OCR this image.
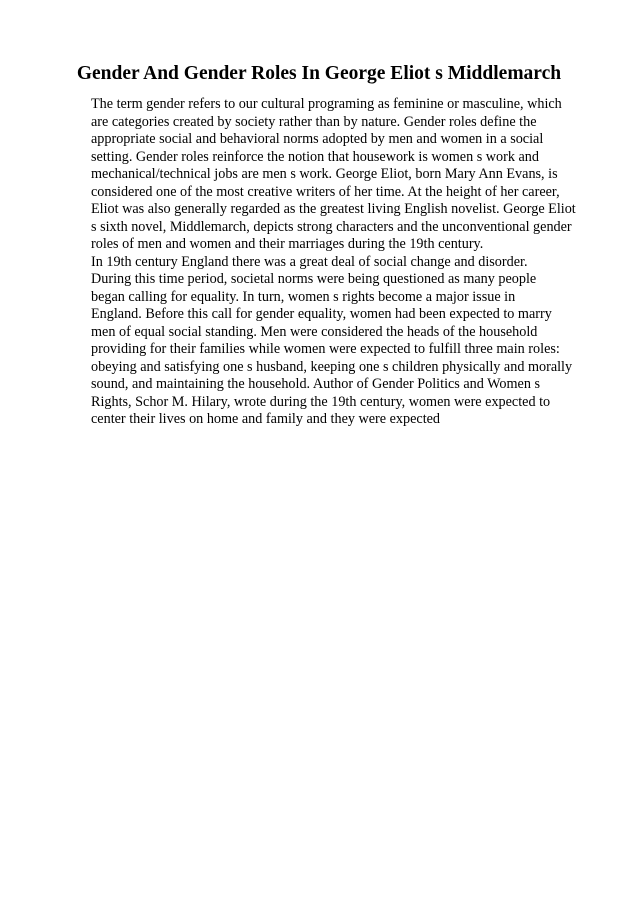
Gender And Gender Roles In George Eliot s Middlemarch
The term gender refers to our cultural programing as feminine or masculine, which
are categories created by society rather than by nature. Gender roles define the
appropriate social and behavioral norms adopted by men and women in a social
setting. Gender roles reinforce the notion that housework is women s work and
mechanical/technical jobs are men s work. George Eliot, born Mary Ann Evans, is
considered one of the most creative writers of her time. At the height of her career,
Eliot was also generally regarded as the greatest living English novelist. George Eliot
s sixth novel, Middlemarch, depicts strong characters and the unconventional gender
roles of men and women and their marriages during the 19th century.
In 19th century England there was a great deal of social change and disorder.
During this time period, societal norms were being questioned as many people
began calling for equality. In turn, women s rights become a major issue in
England. Before this call for gender equality, women had been expected to marry
men of equal social standing. Men were considered the heads of the household
providing for their families while women were expected to fulfill three main roles:
obeying and satisfying one s husband, keeping one s children physically and morally
sound, and maintaining the household. Author of Gender Politics and Women s
Rights, Schor M. Hilary, wrote during the 19th century, women were expected to
center their lives on home and family and they were expected
